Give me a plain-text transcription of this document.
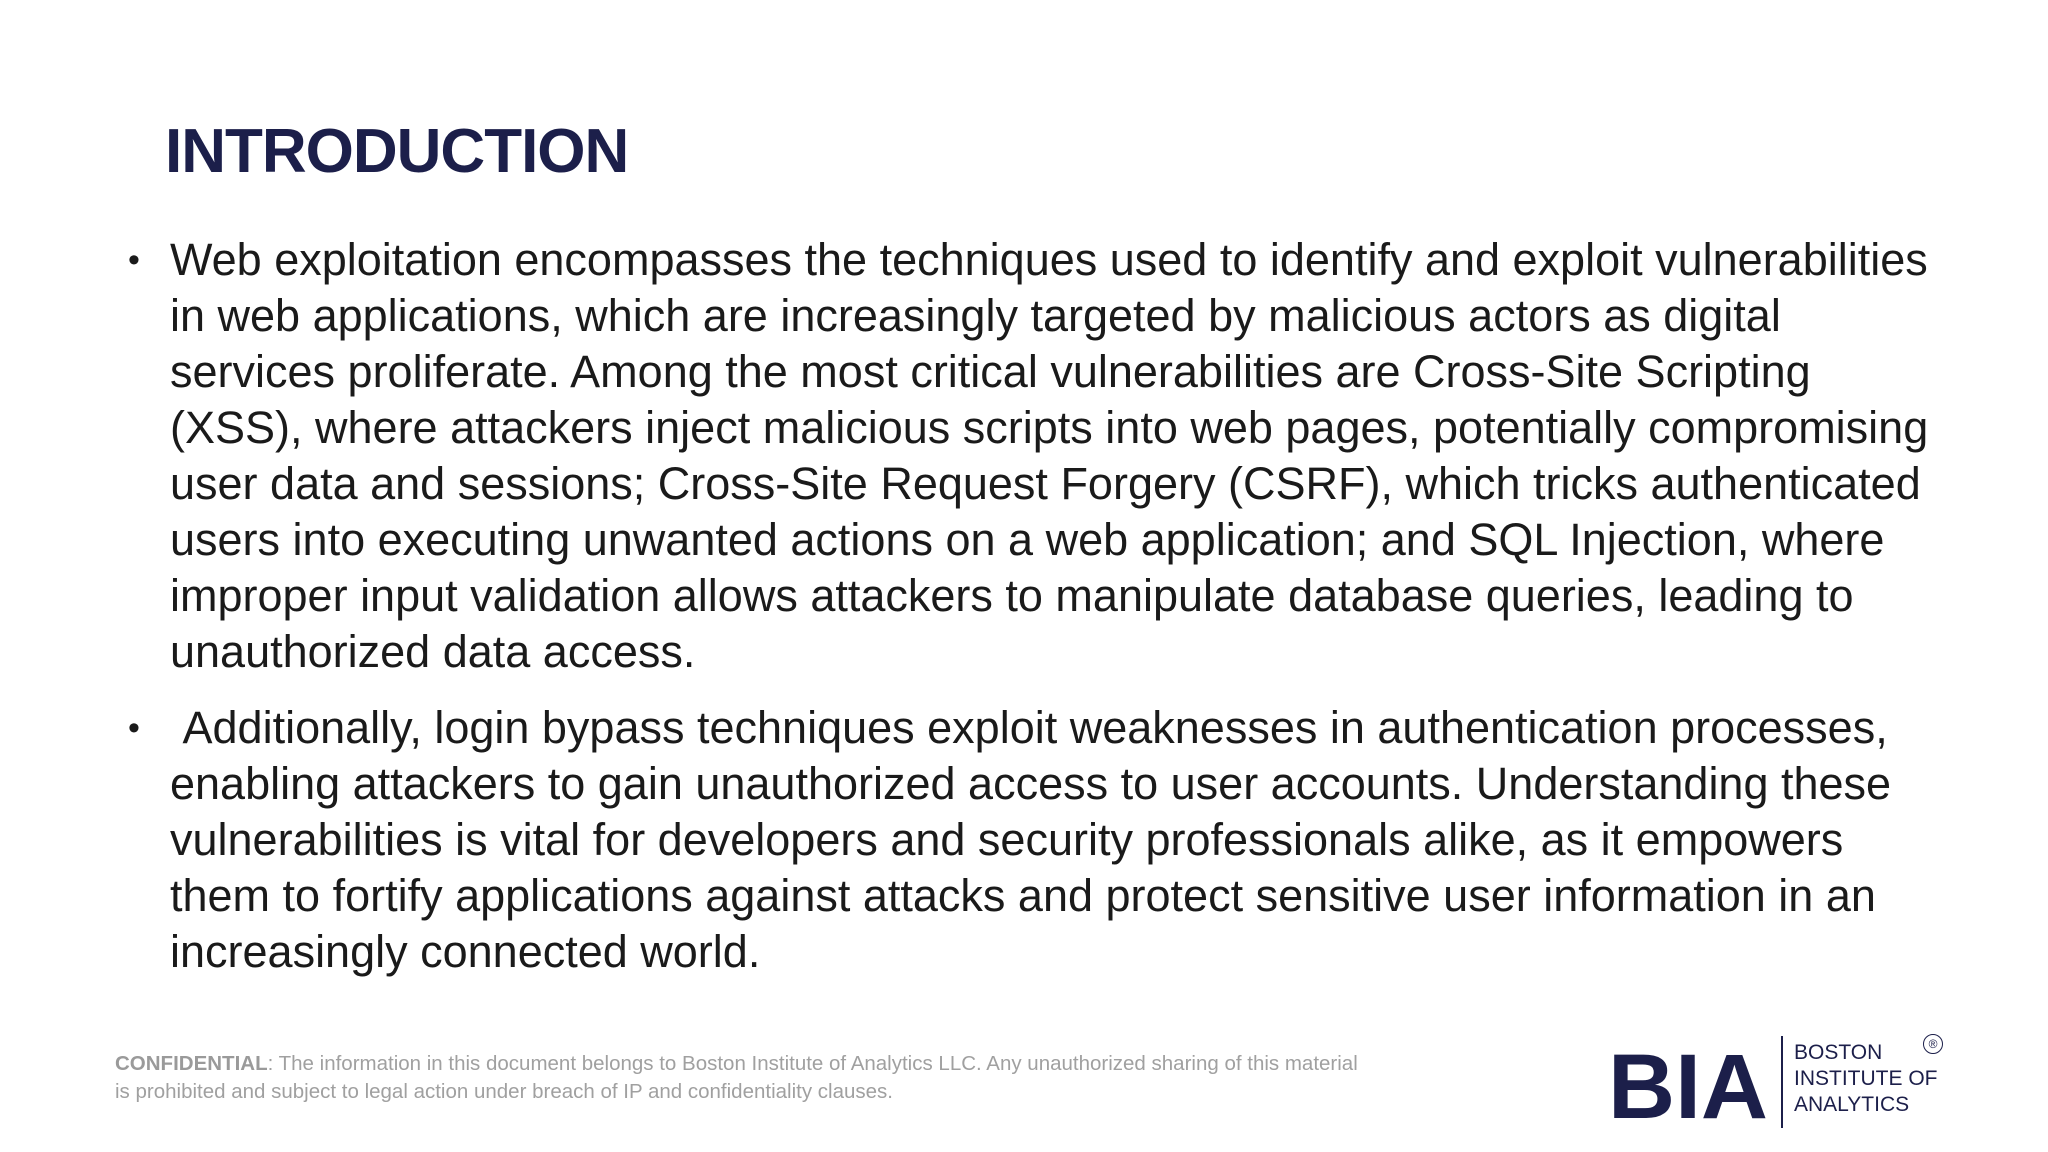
INTRODUCTION
• Web exploitation encompasses the techniques used to identify and exploit vulnerabilities in web applications, which are increasingly targeted by malicious actors as digital services proliferate. Among the most critical vulnerabilities are Cross-Site Scripting (XSS), where attackers inject malicious scripts into web pages, potentially compromising user data and sessions; Cross-Site Request Forgery (CSRF), which tricks authenticated users into executing unwanted actions on a web application; and SQL Injection, where improper input validation allows attackers to manipulate database queries, leading to unauthorized data access.
• Additionally, login bypass techniques exploit weaknesses in authentication processes, enabling attackers to gain unauthorized access to user accounts. Understanding these vulnerabilities is vital for developers and security professionals alike, as it empowers them to fortify applications against attacks and protect sensitive user information in an increasingly connected world.

CONFIDENTIAL: The information in this document belongs to Boston Institute of Analytics LLC. Any unauthorized sharing of this material is prohibited and subject to legal action under breach of IP and confidentiality clauses.	BIA BOSTON
INSTITUTE OF
ANALYTICS
®
